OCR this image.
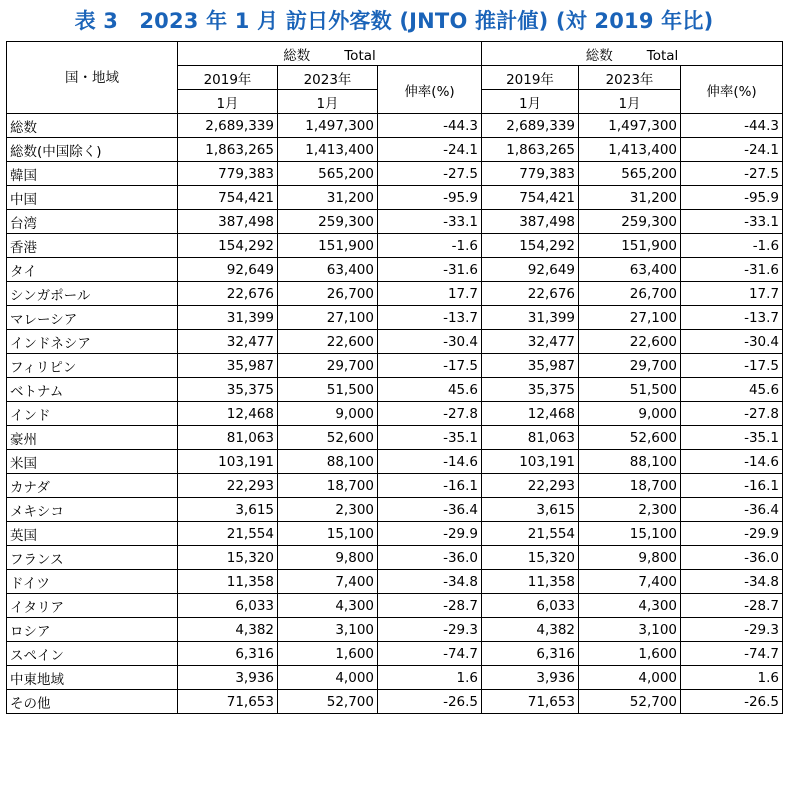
表 3　2023 年 1 月 訪日外客数 (JNTO 推計値) (対 2019 年比)
国・地域	総数 Total			総数 Total		
	2019年	2023年	伸率(%)	2019年	2023年	伸率(%)
	1月	1月		1月	1月	
総数	2,689,339	1,497,300	-44.3	2,689,339	1,497,300	-44.3
総数(中国除く)	1,863,265	1,413,400	-24.1	1,863,265	1,413,400	-24.1
韓国	779,383	565,200	-27.5	779,383	565,200	-27.5
中国	754,421	31,200	-95.9	754,421	31,200	-95.9
台湾	387,498	259,300	-33.1	387,498	259,300	-33.1
香港	154,292	151,900	-1.6	154,292	151,900	-1.6
タイ	92,649	63,400	-31.6	92,649	63,400	-31.6
シンガポール	22,676	26,700	17.7	22,676	26,700	17.7
マレーシア	31,399	27,100	-13.7	31,399	27,100	-13.7
インドネシア	32,477	22,600	-30.4	32,477	22,600	-30.4
フィリピン	35,987	29,700	-17.5	35,987	29,700	-17.5
ベトナム	35,375	51,500	45.6	35,375	51,500	45.6
インド	12,468	9,000	-27.8	12,468	9,000	-27.8
豪州	81,063	52,600	-35.1	81,063	52,600	-35.1
米国	103,191	88,100	-14.6	103,191	88,100	-14.6
カナダ	22,293	18,700	-16.1	22,293	18,700	-16.1
メキシコ	3,615	2,300	-36.4	3,615	2,300	-36.4
英国	21,554	15,100	-29.9	21,554	15,100	-29.9
フランス	15,320	9,800	-36.0	15,320	9,800	-36.0
ドイツ	11,358	7,400	-34.8	11,358	7,400	-34.8
イタリア	6,033	4,300	-28.7	6,033	4,300	-28.7
ロシア	4,382	3,100	-29.3	4,382	3,100	-29.3
スペイン	6,316	1,600	-74.7	6,316	1,600	-74.7
中東地域	3,936	4,000	1.6	3,936	4,000	1.6
その他	71,653	52,700	-26.5	71,653	52,700	-26.5
